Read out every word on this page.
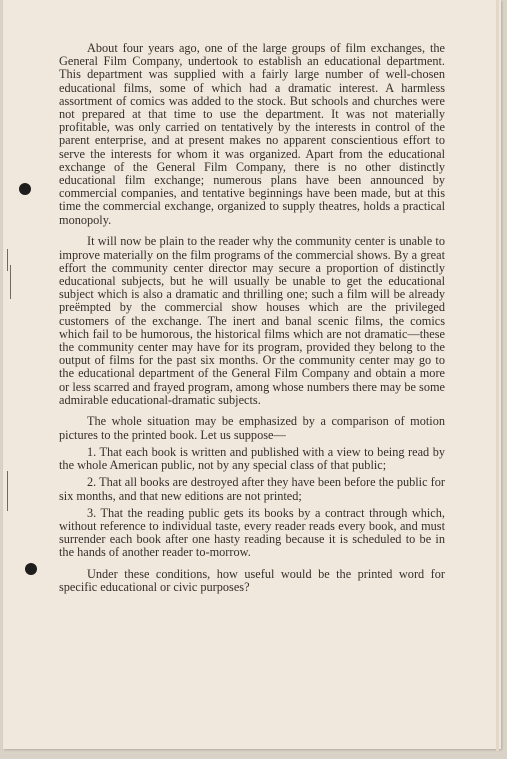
About four years ago, one of the large groups of film exchanges, the General Film Company, undertook to establish an educational department. This department was supplied with a fairly large number of well-chosen educational films, some of which had a dramatic interest. A harmless assortment of comics was added to the stock. But schools and churches were not prepared at that time to use the department. It was not materially profitable, was only carried on tentatively by the interests in control of the parent enterprise, and at present makes no apparent conscientious effort to serve the interests for whom it was organized. Apart from the educational exchange of the General Film Company, there is no other distinctly educational film exchange; numerous plans have been announced by commercial companies, and tentative beginnings have been made, but at this time the commercial exchange, organized to supply theatres, holds a practical monopoly.

It will now be plain to the reader why the community center is unable to improve materially on the film programs of the commercial shows. By a great effort the community center director may secure a proportion of distinctly educational subjects, but he will usually be unable to get the educational subject which is also a dramatic and thrilling one; such a film will be already preëmpted by the commercial show houses which are the privileged customers of the exchange. The inert and banal scenic films, the comics which fail to be humorous, the historical films which are not dramatic—these the community center may have for its program, provided they belong to the output of films for the past six months. Or the community center may go to the educational department of the General Film Company and obtain a more or less scarred and frayed program, among whose numbers there may be some admirable educational-dramatic subjects.

The whole situation may be emphasized by a comparison of motion pictures to the printed book. Let us suppose—

1. That each book is written and published with a view to being read by the whole American public, not by any special class of that public;

2. That all books are destroyed after they have been before the public for six months, and that new editions are not printed;

3. That the reading public gets its books by a contract through which, without reference to individual taste, every reader reads every book, and must surrender each book after one hasty reading because it is scheduled to be in the hands of another reader to-morrow.

Under these conditions, how useful would be the printed word for specific educational or civic purposes?
